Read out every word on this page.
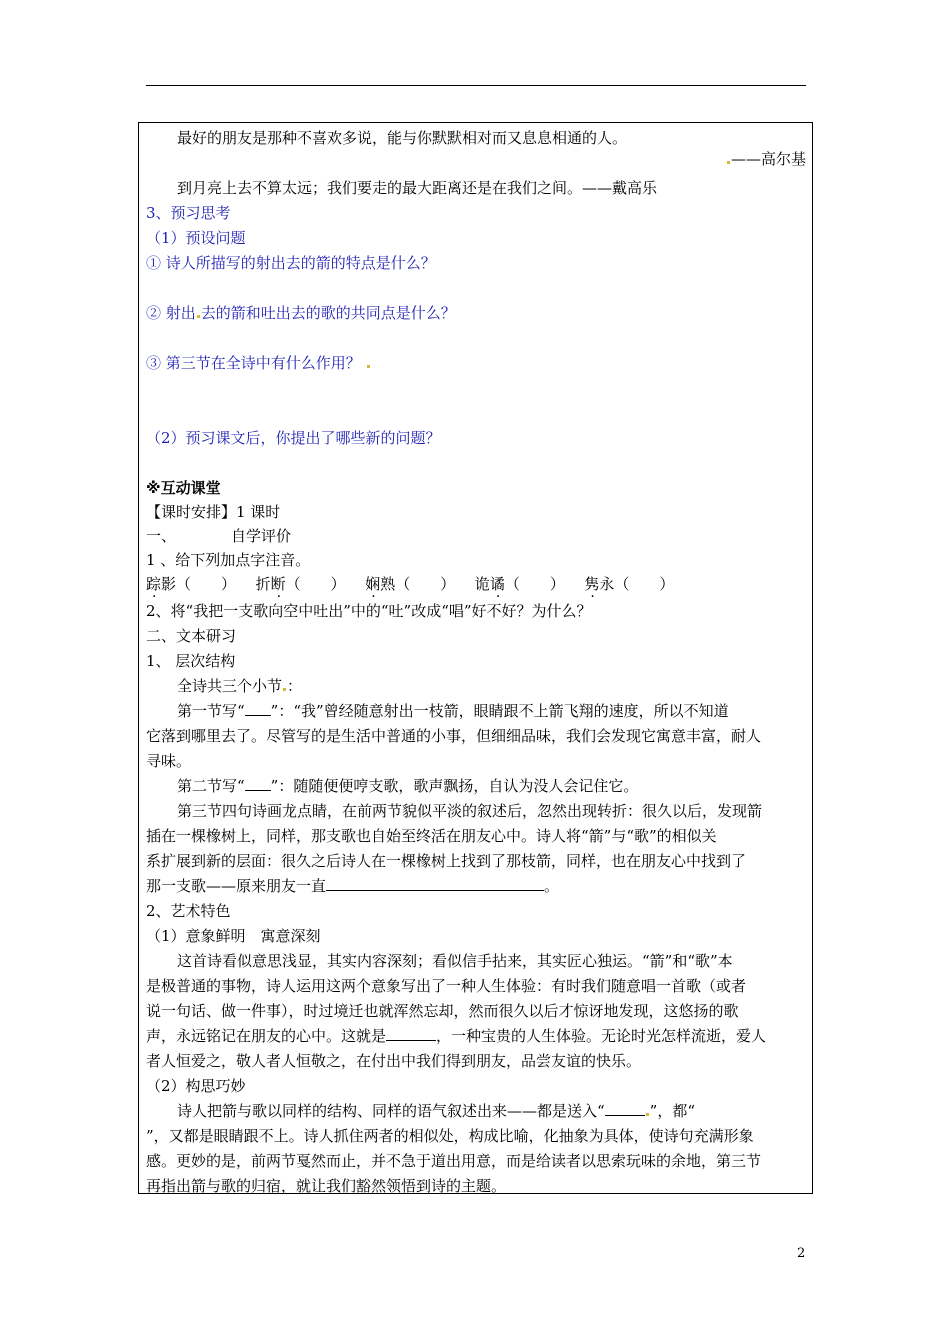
最好的朋友是那种不喜欢多说，能与你默默相对而又息息相通的人。
——高尔基
到月亮上去不算太远；我们要走的最大距离还是在我们之间。——戴高乐
3、预习思考
（1）预设问题
① 诗人所描写的射出去的箭的特点是什么？
② 射出 去的箭和吐出去的歌的共同点是什么？
③ 第三节在全诗中有什么作用？
（2）预习课文后，你提出了哪些新的问题？
※互动课堂
【课时安排】1 课时
一、	自学评价
1 、给下列加点字注音。
踪影（　　） 折断（　　） 娴熟（　　） 诡谲（　　） 隽永（　　）
2、将“我把一支歌向空中吐出”中的“吐”改成“唱”好不好？为什么？
二、文本研习
1、 层次结构
全诗共三个小节 ：
第一节写“ ”：“我”曾经随意射出一枝箭，眼睛跟不上箭飞翔的速度，所以不知道
它落到哪里去了。尽管写的是生活中普通的小事，但细细品味，我们会发现它寓意丰富，耐人
寻味。
第二节写“ ”：随随便便哼支歌，歌声飘扬，自认为没人会记住它。
第三节四句诗画龙点睛，在前两节貌似平淡的叙述后，忽然出现转折：很久以后，发现箭
插在一棵橡树上，同样，那支歌也自始至终活在朋友心中。诗人将“箭”与“歌”的相似关
系扩展到新的层面：很久之后诗人在一棵橡树上找到了那枝箭，同样，也在朋友心中找到了
那一支歌——原来朋友一直	。
2、艺术特色
（1）意象鲜明　寓意深刻
这首诗看似意思浅显，其实内容深刻；看似信手拈来，其实匠心独运。“箭”和“歌”本
是极普通的事物，诗人运用这两个意象写出了一种人生体验：有时我们随意唱一首歌（或者
说一句话、做一件事），时过境迁也就浑然忘却，然而很久以后才惊讶地发现，这悠扬的歌
声，永远铭记在朋友的心中。这就是	，一种宝贵的人生体验。无论时光怎样流逝，爱人
者人恒爱之，敬人者人恒敬之，在付出中我们得到朋友，品尝友谊的快乐。
（2）构思巧妙
诗人把箭与歌以同样的结构、同样的语气叙述出来——都是送入“	”，都“
”，又都是眼睛跟不上。诗人抓住两者的相似处，构成比喻，化抽象为具体，使诗句充满形象
感。更妙的是，前两节戛然而止，并不急于道出用意，而是给读者以思索玩味的余地，第三节
再指出箭与歌的归宿，就让我们豁然领悟到诗的主题。
2
